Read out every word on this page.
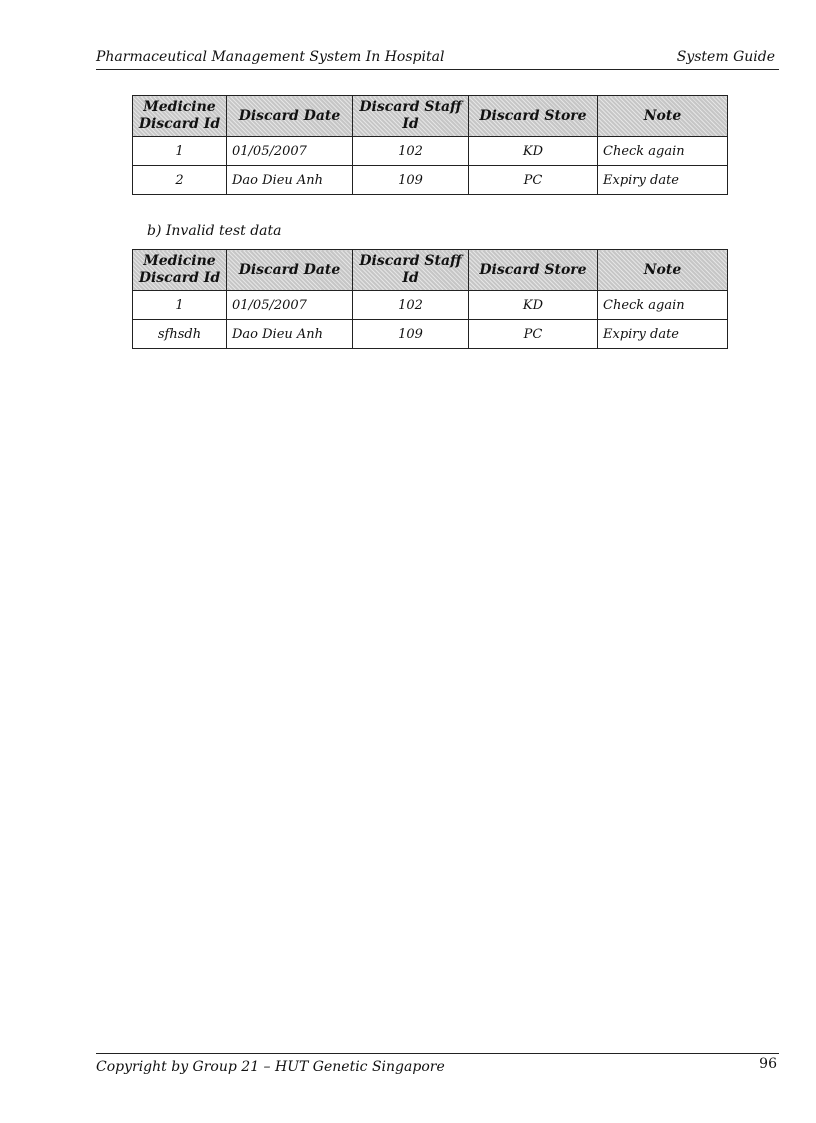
Pharmaceutical Management System In Hospital	System Guide
Medicine Discard Id	Discard Date	Discard Staff Id	Discard Store	Note
1	01/05/2007	102	KD	Check again
2	Dao Dieu Anh	109	PC	Expiry date
b) Invalid test data
Medicine Discard Id	Discard Date	Discard Staff Id	Discard Store	Note
1	01/05/2007	102	KD	Check again
sfhsdh	Dao Dieu Anh	109	PC	Expiry date
Copyright by Group 21 – HUT Genetic Singapore	96
